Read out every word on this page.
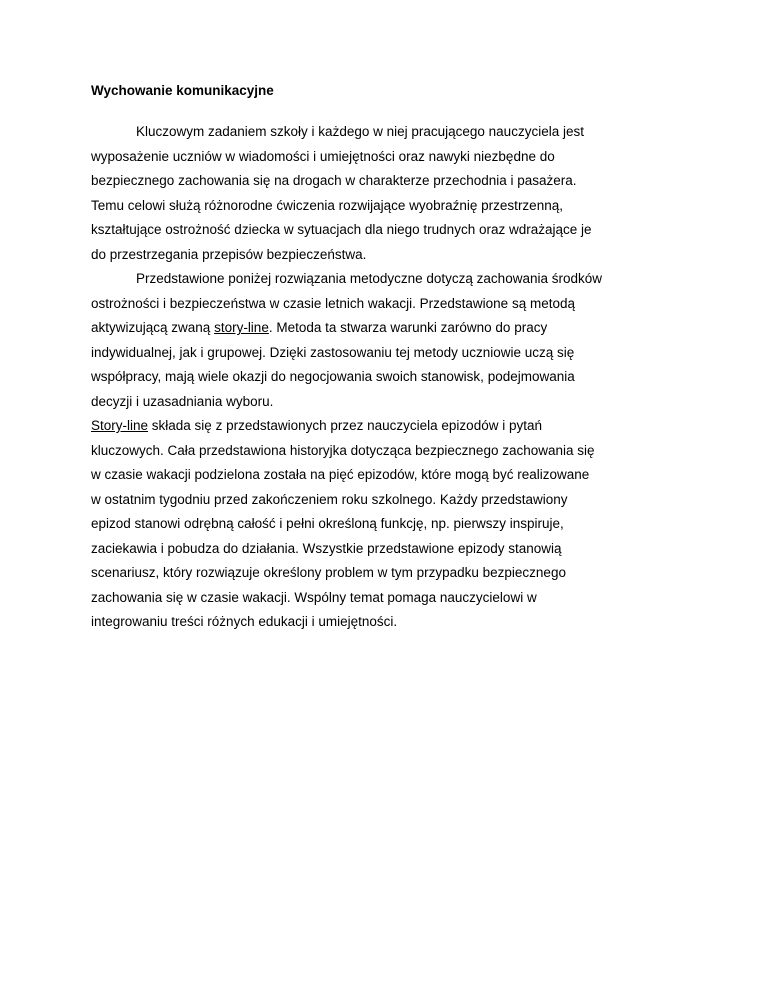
Wychowanie komunikacyjne
Kluczowym zadaniem szkoły i każdego w niej pracującego nauczyciela jest
wyposażenie uczniów w wiadomości i umiejętności oraz nawyki niezbędne do
bezpiecznego zachowania się na drogach w charakterze przechodnia i pasażera.
Temu celowi służą różnorodne ćwiczenia rozwijające wyobraźnię przestrzenną,
kształtujące ostrożność dziecka w sytuacjach dla niego trudnych oraz wdrażające je
do przestrzegania przepisów bezpieczeństwa.
Przedstawione poniżej rozwiązania metodyczne dotyczą zachowania środków
ostrożności i bezpieczeństwa w czasie letnich wakacji. Przedstawione są metodą
aktywizującą zwaną story-line. Metoda ta stwarza warunki zarówno do pracy
indywidualnej, jak i grupowej. Dzięki zastosowaniu tej metody uczniowie uczą się
współpracy, mają wiele okazji do negocjowania swoich stanowisk, podejmowania
decyzji i uzasadniania wyboru.
Story-line składa się z przedstawionych przez nauczyciela epizodów i pytań
kluczowych. Cała przedstawiona historyjka dotycząca bezpiecznego zachowania się
w czasie wakacji podzielona została na pięć epizodów, które mogą być realizowane
w ostatnim tygodniu przed zakończeniem roku szkolnego. Każdy przedstawiony
epizod stanowi odrębną całość i pełni określoną funkcję, np. pierwszy inspiruje,
zaciekawia i pobudza do działania. Wszystkie przedstawione epizody stanowią
scenariusz, który rozwiązuje określony problem w tym przypadku bezpiecznego
zachowania się w czasie wakacji. Wspólny temat pomaga nauczycielowi w
integrowaniu treści różnych edukacji i umiejętności.
